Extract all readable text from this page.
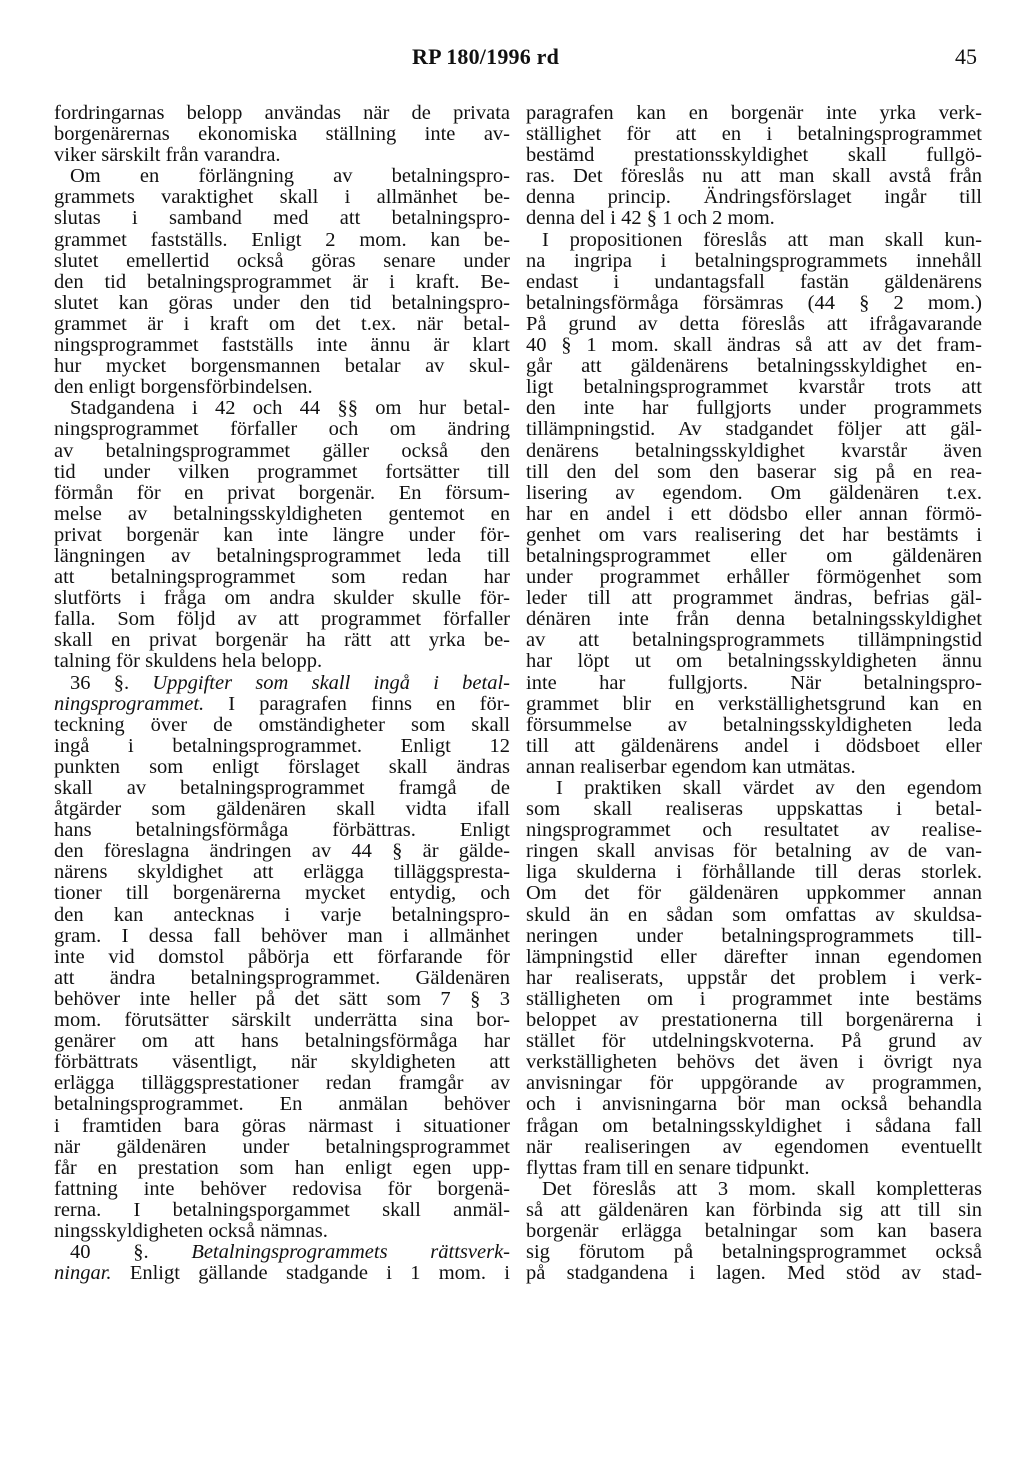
RP 180/1996 rd	45
fordringarnas belopp användas när de privata
borgenärernas ekonomiska ställning inte av-
viker särskilt från varandra.
Om en förlängning av betalningspro-
grammets varaktighet skall i allmänhet be-
slutas i samband med att betalningspro-
grammet fastställs. Enligt 2 mom. kan be-
slutet emellertid också göras senare under
den tid betalningsprogrammet är i kraft. Be-
slutet kan göras under den tid betalningspro-
grammet är i kraft om det t.ex. när betal-
ningsprogrammet fastställs inte ännu är klart
hur mycket borgensmannen betalar av skul-
den enligt borgensförbindelsen.
Stadgandena i 42 och 44 §§ om hur betal-
ningsprogrammet förfaller och om ändring
av betalningsprogrammet gäller också den
tid under vilken programmet fortsätter till
förmån för en privat borgenär. En försum-
melse av betalningsskyldigheten gentemot en
privat borgenär kan inte längre under för-
längningen av betalningsprogrammet leda till
att betalningsprogrammet som redan har
slutförts i fråga om andra skulder skulle för-
falla. Som följd av att programmet förfaller
skall en privat borgenär ha rätt att yrka be-
talning för skuldens hela belopp.
36 §. Uppgifter som skall ingå i betal-
ningsprogrammet. I paragrafen finns en för-
teckning över de omständigheter som skall
ingå i betalningsprogrammet. Enligt 12
punkten som enligt förslaget skall ändras
skall av betalningsprogrammet framgå de
åtgärder som gäldenären skall vidta ifall
hans betalningsförmåga förbättras. Enligt
den föreslagna ändringen av 44 § är gälde-
närens skyldighet att erlägga tilläggspresta-
tioner till borgenärerna mycket entydig, och
den kan antecknas i varje betalningspro-
gram. I dessa fall behöver man i allmänhet
inte vid domstol påbörja ett förfarande för
att ändra betalningsprogrammet. Gäldenären
behöver inte heller på det sätt som 7 § 3
mom. förutsätter särskilt underrätta sina bor-
genärer om att hans betalningsförmåga har
förbättrats väsentligt, när skyldigheten att
erlägga tilläggsprestationer redan framgår av
betalningsprogrammet. En anmälan behöver
i framtiden bara göras närmast i situationer
när gäldenären under betalningsprogrammet
får en prestation som han enligt egen upp-
fattning inte behöver redovisa för borgenä-
rerna. I betalningsporgammet skall anmäl-
ningsskyldigheten också nämnas.
40 §. Betalningsprogrammets rättsverk-
ningar. Enligt gällande stadgande i 1 mom. i
paragrafen kan en borgenär inte yrka verk-
ställighet för att en i betalningsprogrammet
bestämd prestationsskyldighet skall fullgö-
ras. Det föreslås nu att man skall avstå från
denna princip. Ändringsförslaget ingår till
denna del i 42 § 1 och 2 mom.
I propositionen föreslås att man skall kun-
na ingripa i betalningsprogrammets innehåll
endast i undantagsfall fastän gäldenärens
betalningsförmåga försämras (44 § 2 mom.)
På grund av detta föreslås att ifrågavarande
40 § 1 mom. skall ändras så att av det fram-
går att gäldenärens betalningsskyldighet en-
ligt betalningsprogrammet kvarstår trots att
den inte har fullgjorts under programmets
tillämpningstid. Av stadgandet följer att gäl-
denärens betalningsskyldighet kvarstår även
till den del som den baserar sig på en rea-
lisering av egendom. Om gäldenären t.ex.
har en andel i ett dödsbo eller annan förmö-
genhet om vars realisering det har bestämts i
betalningsprogrammet eller om gäldenären
under programmet erhåller förmögenhet som
leder till att programmet ändras, befrias gäl-
dénären inte från denna betalningsskyldighet
av att betalningsprogrammets tillämpningstid
har löpt ut om betalningsskyldigheten ännu
inte har fullgjorts. När betalningspro-
grammet blir en verkställighetsgrund kan en
försummelse av betalningsskyldigheten leda
till att gäldenärens andel i dödsboet eller
annan realiserbar egendom kan utmätas.
I praktiken skall värdet av den egendom
som skall realiseras uppskattas i betal-
ningsprogrammet och resultatet av realise-
ringen skall anvisas för betalning av de van-
liga skulderna i förhållande till deras storlek.
Om det för gäldenären uppkommer annan
skuld än en sådan som omfattas av skuldsa-
neringen under betalningsprogrammets till-
lämpningstid eller därefter innan egendomen
har realiserats, uppstår det problem i verk-
ställigheten om i programmet inte bestäms
beloppet av prestationerna till borgenärerna i
stället för utdelningskvoterna. På grund av
verkställigheten behövs det även i övrigt nya
anvisningar för uppgörande av programmen,
och i anvisningarna bör man också behandla
frågan om betalningsskyldighet i sådana fall
när realiseringen av egendomen eventuellt
flyttas fram till en senare tidpunkt.
Det föreslås att 3 mom. skall kompletteras
så att gäldenären kan förbinda sig att till sin
borgenär erlägga betalningar som kan basera
sig förutom på betalningsprogrammet också
på stadgandena i lagen. Med stöd av stad-
